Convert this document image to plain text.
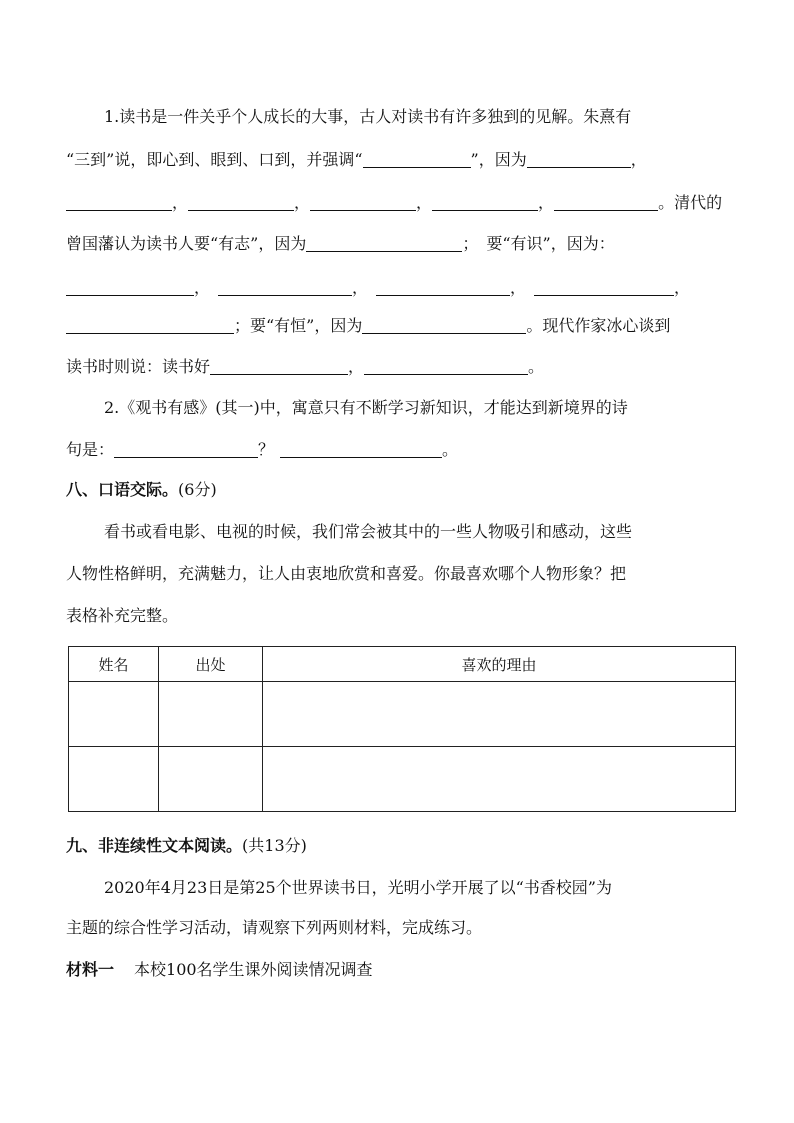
1.读书是一件关乎个人成长的大事，古人对读书有许多独到的见解。朱熹有
“三到”说，即心到、眼到、口到，并强调“	”，因为	，
，	，	，	，	。清代的
曾国藩认为读书人要“有志”，因为	；　要“有识”，因为：
，	，	，	，
；要“有恒”，因为	。现代作家冰心谈到
读书时则说：读书好	，	。
2.《观书有感》(其一)中，寓意只有不断学习新知识，才能达到新境界的诗
句是：	？	。
八、口语交际。(6分)
看书或看电影、电视的时候，我们常会被其中的一些人物吸引和感动，这些
人物性格鲜明，充满魅力，让人由衷地欣赏和喜爱。你最喜欢哪个人物形象？把
表格补充完整。
姓名	出处	喜欢的理由

九、非连续性文本阅读。(共13分)
2020年4月23日是第25个世界读书日，光明小学开展了以“书香校园”为
主题的综合性学习活动，请观察下列两则材料，完成练习。
材料一 本校100名学生课外阅读情况调查
